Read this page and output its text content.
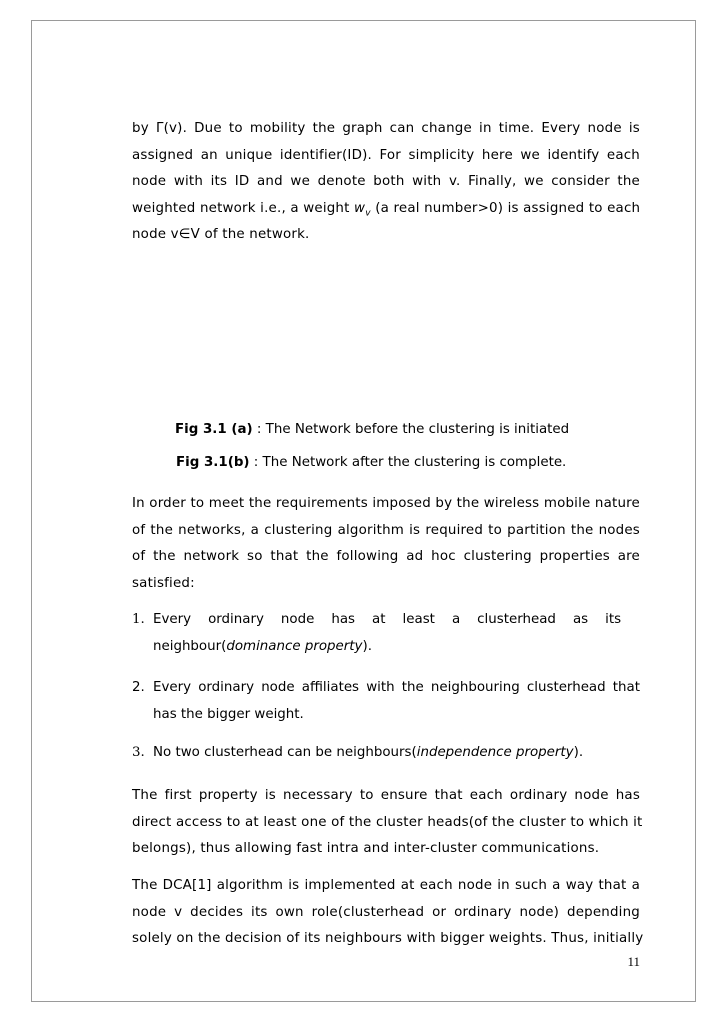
by Γ(v). Due to mobility the graph can change in time. Every node is
assigned an unique identifier(ID). For simplicity here we identify each
node with its ID and we denote both with v. Finally, we consider the
weighted network i.e., a weight $w_v$ (a real number>0) is assigned to each
node v∈V of the network.
Fig 3.1 (a) : The Network before the clustering is initiated
Fig 3.1(b) : The Network after the clustering is complete.
In order to meet the requirements imposed by the wireless mobile nature
of the networks, a clustering algorithm is required to partition the nodes
of the network so that the following ad hoc clustering properties are
satisfied:
1. Every    ordinary    node    has    at    least    a    clusterhead    as    its
neighbour(dominance property).
2. Every ordinary node affiliates with the neighbouring clusterhead that
has the bigger weight.
3. No two clusterhead can be neighbours(independence property).
The first property is necessary to ensure that each ordinary node has
direct access to at least one of the cluster heads(of the cluster to which it
belongs), thus allowing fast intra and inter-cluster communications.
The DCA[1] algorithm is implemented at each node in such a way that a
node v decides its own role(clusterhead or ordinary node) depending
solely on the decision of its neighbours with bigger weights. Thus, initially
11
